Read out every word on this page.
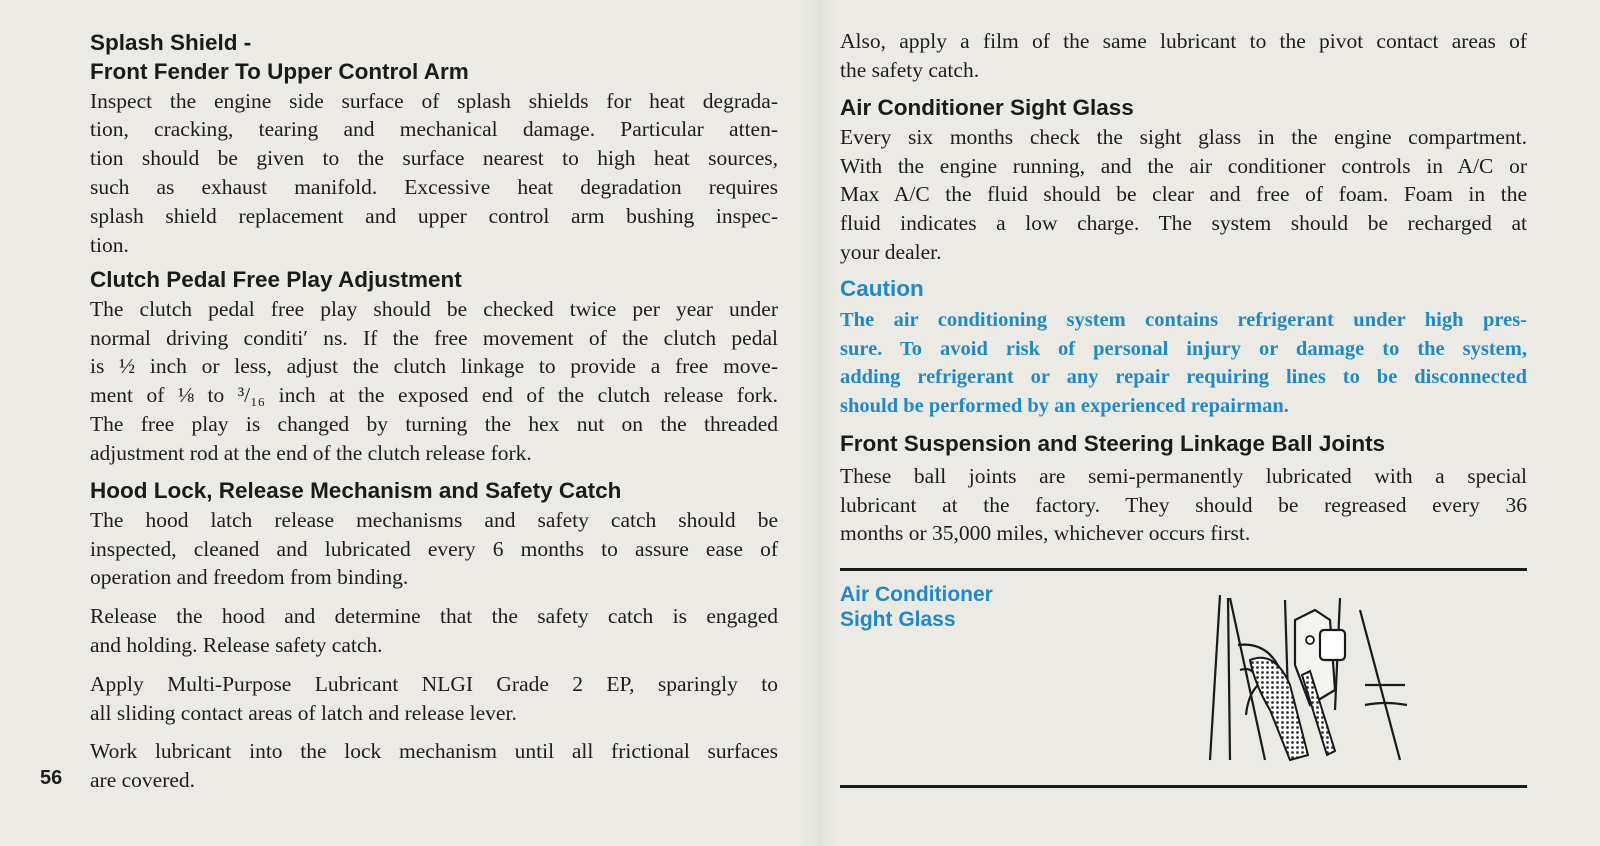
Splash Shield -
Front Fender To Upper Control Arm
Inspect the engine side surface of splash shields for heat degrada-
tion, cracking, tearing and mechanical damage. Particular atten-
tion should be given to the surface nearest to high heat sources,
such as exhaust manifold. Excessive heat degradation requires
splash shield replacement and upper control arm bushing inspec-
tion.
Clutch Pedal Free Play Adjustment
The clutch pedal free play should be checked twice per year under
normal driving conditi′ ns. If the free movement of the clutch pedal
is ½ inch or less, adjust the clutch linkage to provide a free move-
ment of ⅛ to ³/₁₆ inch at the exposed end of the clutch release fork.
The free play is changed by turning the hex nut on the threaded
adjustment rod at the end of the clutch release fork.
Hood Lock, Release Mechanism and Safety Catch
The hood latch release mechanisms and safety catch should be
inspected, cleaned and lubricated every 6 months to assure ease of
operation and freedom from binding.
Release the hood and determine that the safety catch is engaged
and holding. Release safety catch.
Apply Multi-Purpose Lubricant NLGI Grade 2 EP, sparingly to
all sliding contact areas of latch and release lever.
Work lubricant into the lock mechanism until all frictional surfaces
are covered.
56
Also, apply a film of the same lubricant to the pivot contact areas of
the safety catch.
Air Conditioner Sight Glass
Every six months check the sight glass in the engine compartment.
With the engine running, and the air conditioner controls in A/C or
Max A/C the fluid should be clear and free of foam. Foam in the
fluid indicates a low charge. The system should be recharged at
your dealer.
Caution
The air conditioning system contains refrigerant under high pres-
sure. To avoid risk of personal injury or damage to the system,
adding refrigerant or any repair requiring lines to be disconnected
should be performed by an experienced repairman.
Front Suspension and Steering Linkage Ball Joints
These ball joints are semi-permanently lubricated with a special
lubricant at the factory. They should be regreased every 36
months or 35,000 miles, whichever occurs first.
Air Conditioner
Sight Glass
